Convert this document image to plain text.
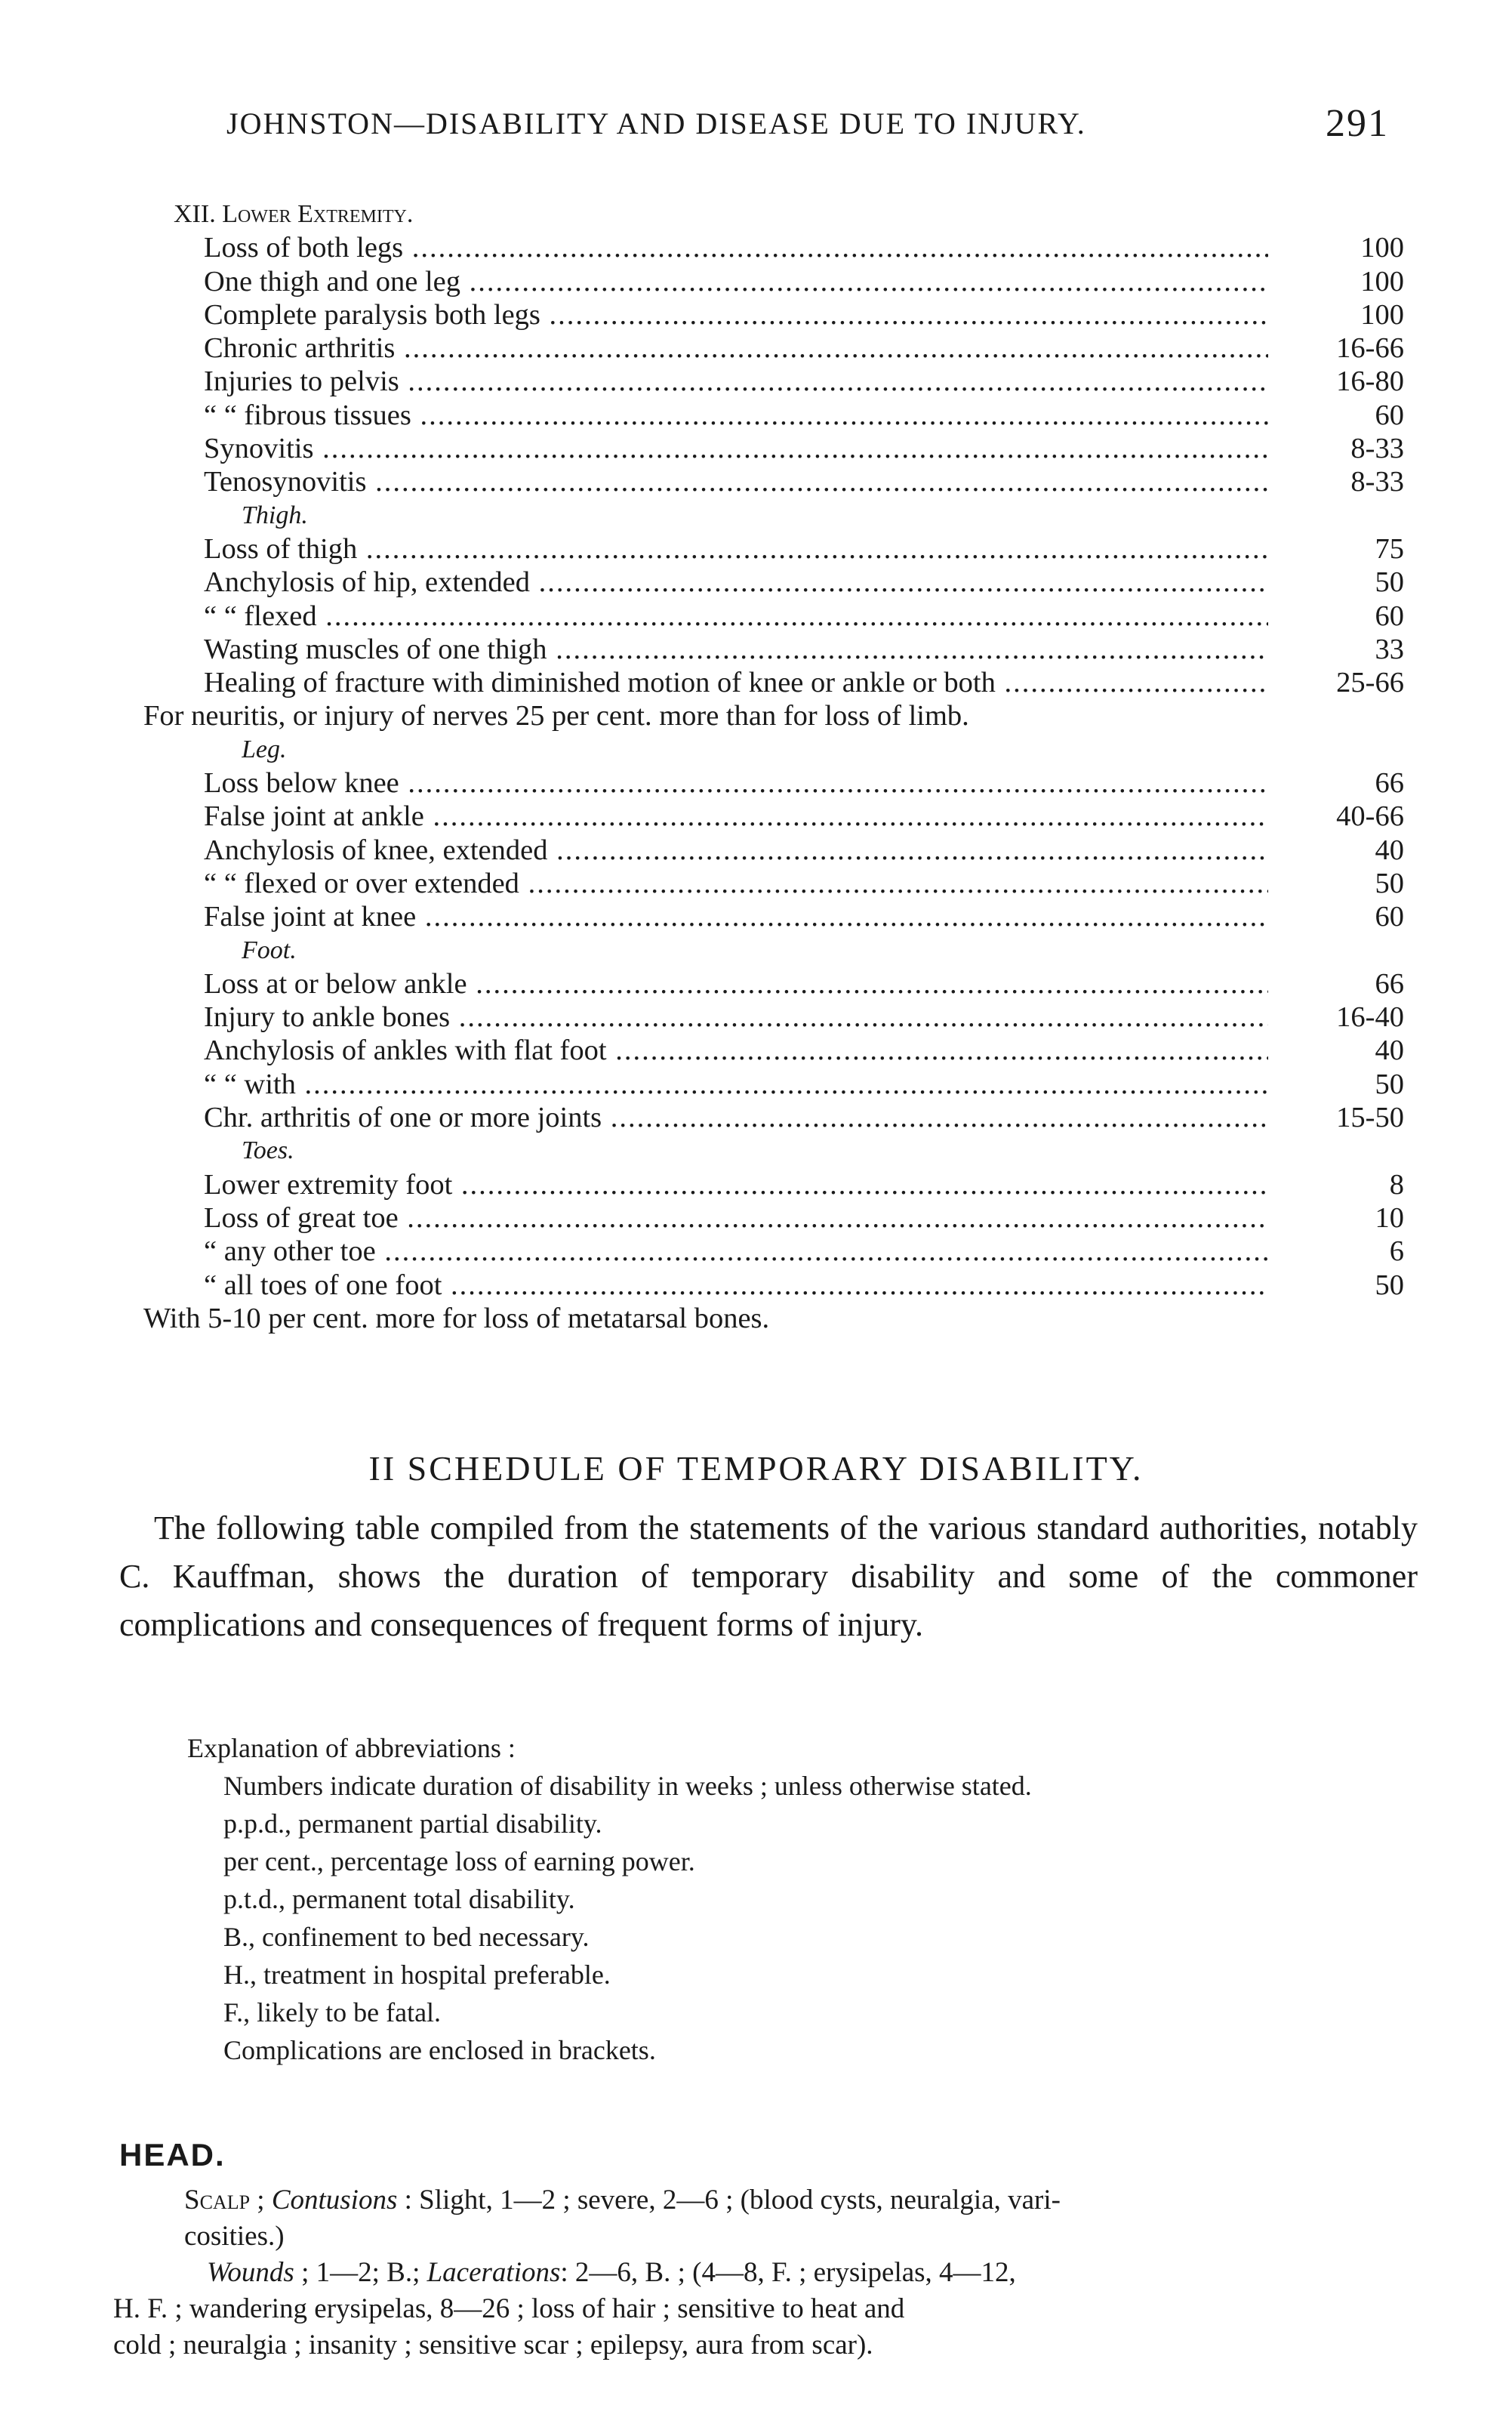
JOHNSTON—DISABILITY AND DISEASE DUE TO INJURY.	291
XII. Lower Extremity.
Loss of both legs .....	100
One thigh and one leg .....	100
Complete paralysis both legs .....	100
Chronic arthritis .....	16-66
Injuries to pelvis .....	16-80
“ “ fibrous tissues .....	60
Synovitis .....	8-33
Tenosynovitis .....	8-33
Thigh.
Loss of thigh .....	75
Anchylosis of hip, extended .....	50
“ “ flexed .....	60
Wasting muscles of one thigh .....	33
Healing of fracture with diminished motion of knee or ankle or both .....	25-66
For neuritis, or injury of nerves 25 per cent. more than for loss of limb.
Leg.
Loss below knee .....	66
False joint at ankle .....	40-66
Anchylosis of knee, extended .....	40
“ “ flexed or over extended .....	50
False joint at knee .....	60
Foot.
Loss at or below ankle .....	66
Injury to ankle bones .....	16-40
Anchylosis of ankles with flat foot .....	40
“ “ with .....	50
Chr. arthritis of one or more joints .....	15-50
Toes.
Lower extremity foot .....	8
Loss of great toe .....	10
“ any other toe .....	6
“ all toes of one foot .....	50
With 5-10 per cent. more for loss of metatarsal bones.
II SCHEDULE OF TEMPORARY DISABILITY.

The following table compiled from the statements of the various standard authorities, notably C. Kauffman, shows the duration of temporary disability and some of the commoner complications and consequences of frequent forms of injury.

Explanation of abbreviations :
Numbers indicate duration of disability in weeks ; unless otherwise stated.
p.p.d., permanent partial disability.
per cent., percentage loss of earning power.
p.t.d., permanent total disability.
B., confinement to bed necessary.
H., treatment in hospital preferable.
F., likely to be fatal.
Complications are enclosed in brackets.
HEAD.
Scalp ; Contusions : Slight, 1—2 ; severe, 2—6 ; (blood cysts, neuralgia, vari-
cosities.)
Wounds ; 1—2; B.; Lacerations: 2—6, B. ; (4—8, F. ; erysipelas, 4—12,
H. F. ; wandering erysipelas, 8—26 ; loss of hair ; sensitive to heat and
cold ; neuralgia ; insanity ; sensitive scar ; epilepsy, aura from scar).
